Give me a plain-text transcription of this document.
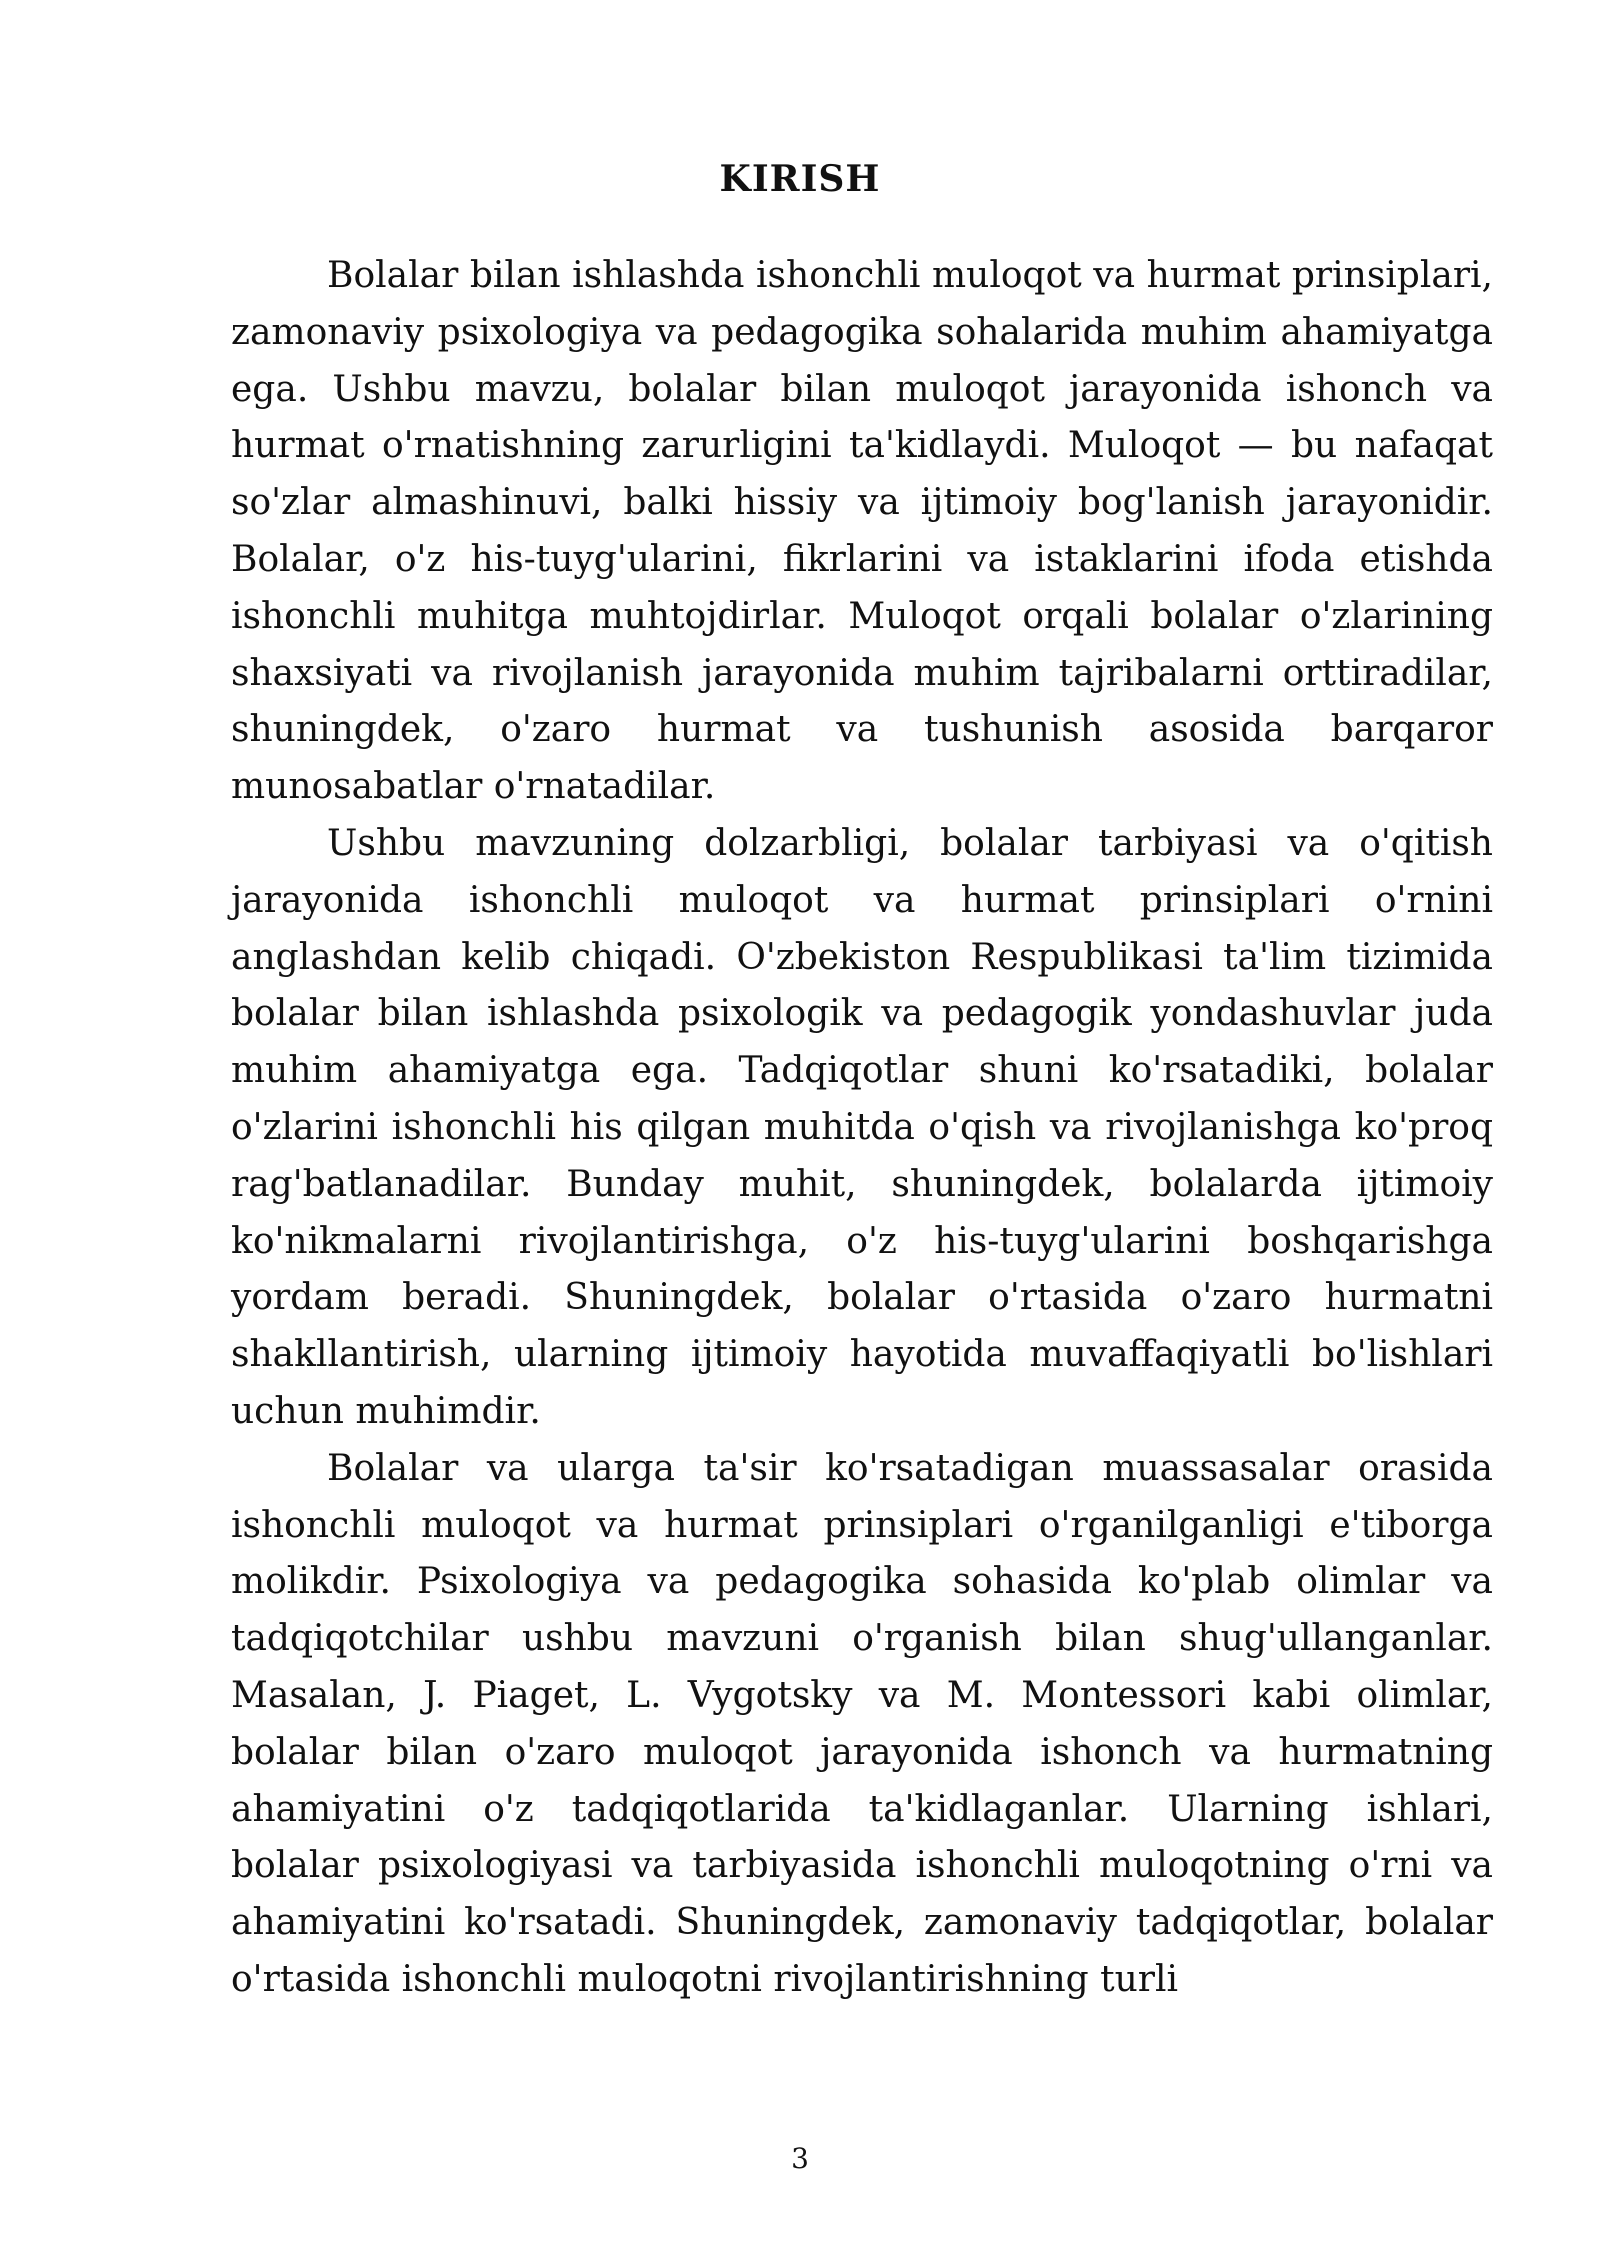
KIRISH

Bolalar bilan ishlashda ishonchli muloqot va hurmat prinsiplari, zamonaviy psixologiya va pedagogika sohalarida muhim ahamiyatga ega. Ushbu mavzu, bolalar bilan muloqot jarayonida ishonch va hurmat o'rnatishning zarurligini ta'kidlaydi. Muloqot — bu nafaqat so'zlar almashinuvi, balki hissiy va ijtimoiy bog'lanish jarayonidir. Bolalar, o'z his-tuyg'ularini, fikrlarini va istaklarini ifoda etishda ishonchli muhitga muhtojdirlar. Muloqot orqali bolalar o'zlarining shaxsiyati va rivojlanish jarayonida muhim tajribalarni orttiradilar, shuningdek, o'zaro hurmat va tushunish asosida barqaror munosabatlar o'rnatadilar.

Ushbu mavzuning dolzarbligi, bolalar tarbiyasi va o'qitish jarayonida ishonchli muloqot va hurmat prinsiplari o'rnini anglashdan kelib chiqadi. O'zbekiston Respublikasi ta'lim tizimida bolalar bilan ishlashda psixologik va pedagogik yondashuvlar juda muhim ahamiyatga ega. Tadqiqotlar shuni ko'rsatadiki, bolalar o'zlarini ishonchli his qilgan muhitda o'qish va rivojlanishga ko'proq rag'batlanadilar. Bunday muhit, shuningdek, bolalarda ijtimoiy ko'nikmalarni rivojlantirishga, o'z his-tuyg'ularini boshqarishga yordam beradi. Shuningdek, bolalar o'rtasida o'zaro hurmatni shakllantirish, ularning ijtimoiy hayotida muvaffaqiyatli bo'lishlari uchun muhimdir.

Bolalar va ularga ta'sir ko'rsatadigan muassasalar orasida ishonchli muloqot va hurmat prinsiplari o'rganilganligi e'tiborga molikdir. Psixologiya va pedagogika sohasida ko'plab olimlar va tadqiqotchilar ushbu mavzuni o'rganish bilan shug'ullanganlar. Masalan, J. Piaget, L. Vygotsky va M. Montessori kabi olimlar, bolalar bilan o'zaro muloqot jarayonida ishonch va hurmatning ahamiyatini o'z tadqiqotlarida ta'kidlaganlar. Ularning ishlari, bolalar psixologiyasi va tarbiyasida ishonchli muloqotning o'rni va ahamiyatini ko'rsatadi. Shuningdek, zamonaviy tadqiqotlar, bolalar o'rtasida ishonchli muloqotni rivojlantirishning turli

3
